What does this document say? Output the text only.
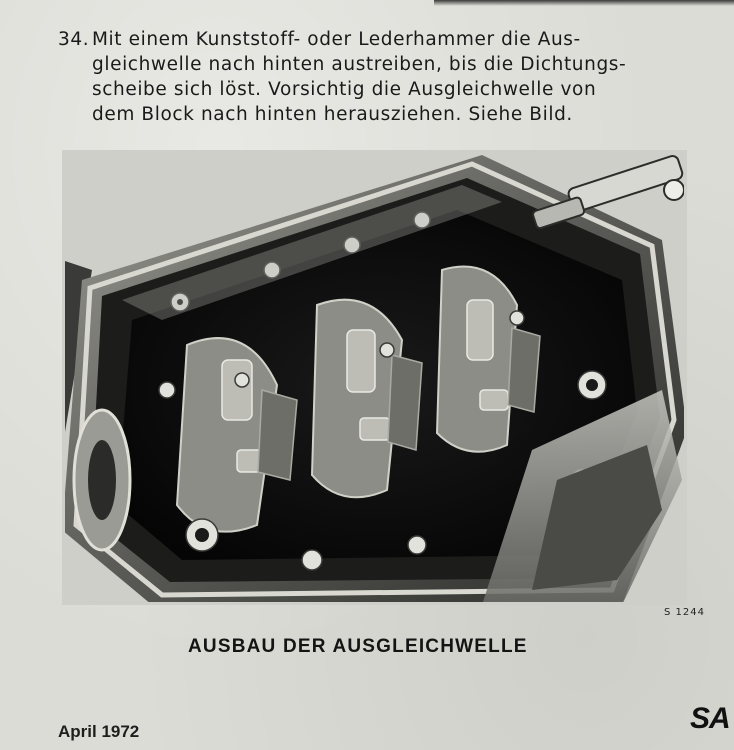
34. Mit einem Kunststoff- oder Lederhammer die Aus-
gleichwelle nach hinten austreiben, bis die Dichtungs-
scheibe sich löst. Vorsichtig die Ausgleichwelle von
dem Block nach hinten herausziehen. Siehe Bild.
S 1244
AUSBAU DER AUSGLEICHWELLE
April 1972	SA
